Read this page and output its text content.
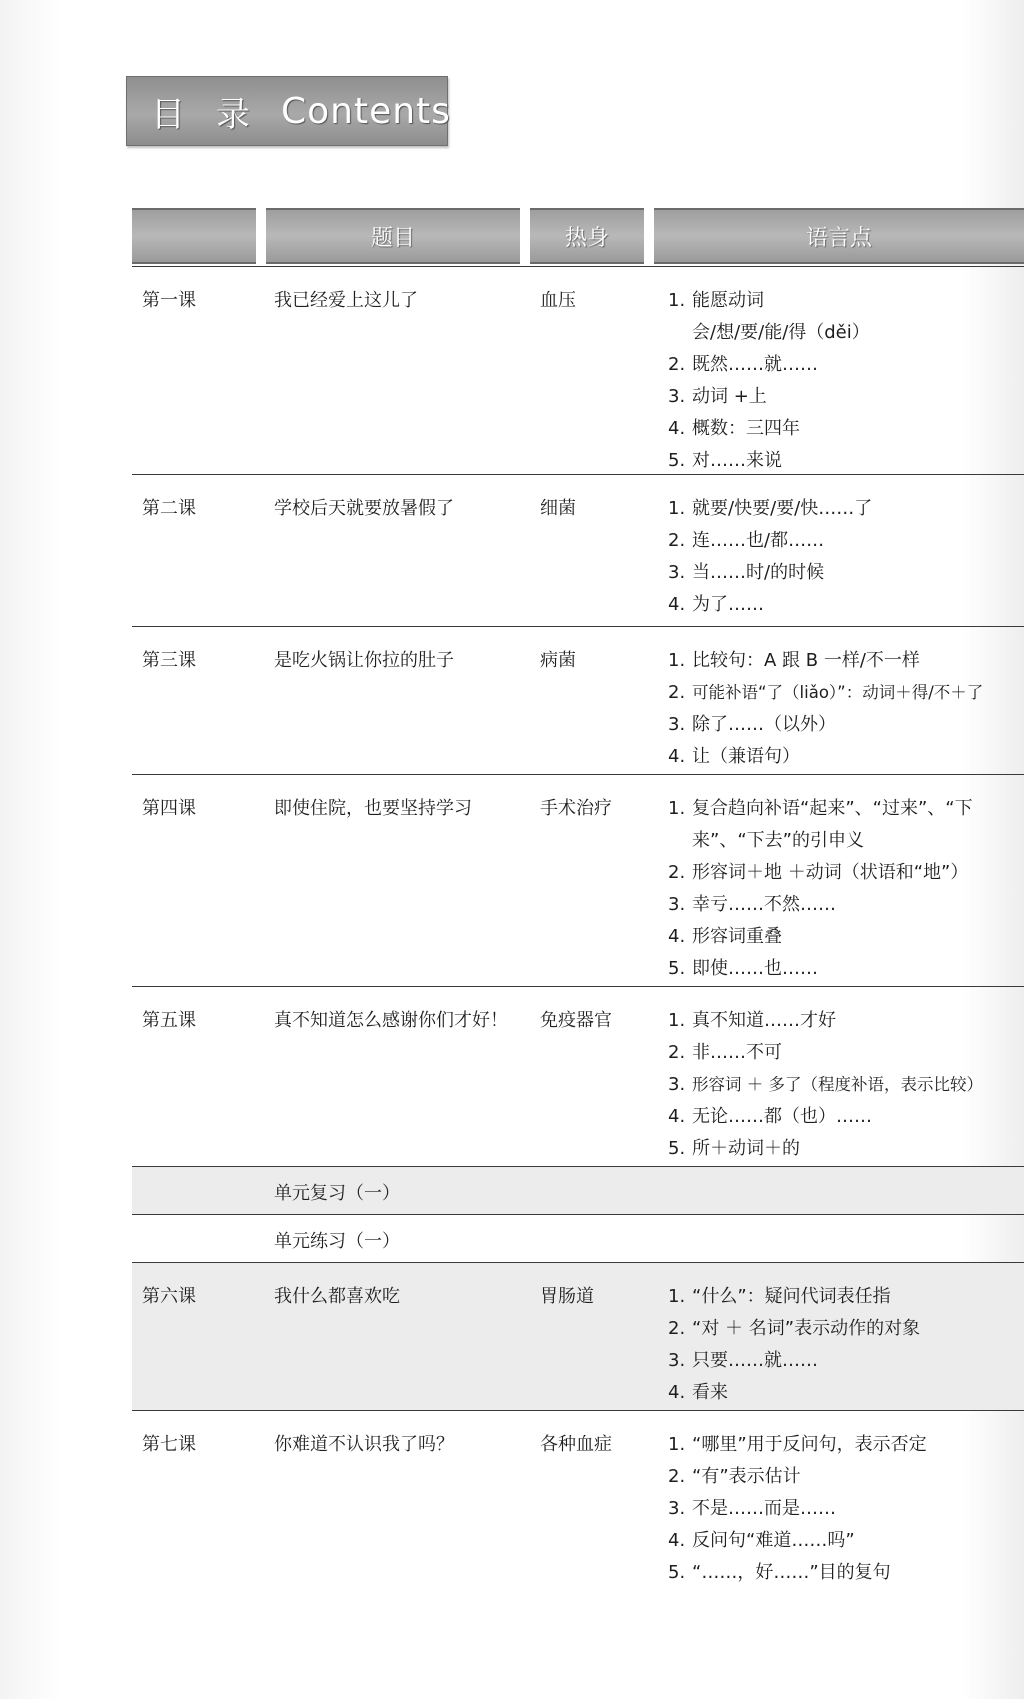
目 录 Contents
题目	热身	语言点
第一课	我已经爱上这儿了	血压	1. 能愿动词
会/想/要/能/得（děi）
2. 既然……就……
3. 动词 +上
4. 概数：三四年
5. 对……来说
第二课	学校后天就要放暑假了	细菌	1. 就要/快要/要/快……了
2. 连……也/都……
3. 当……时/的时候
4. 为了……
第三课	是吃火锅让你拉的肚子	病菌	1. 比较句：A 跟 B 一样/不一样
2. 可能补语“了（liǎo）”：动词＋得/不＋了
3. 除了……（以外）
4. 让（兼语句）
第四课	即使住院，也要坚持学习	手术治疗	1. 复合趋向补语“起来”、“过来”、“下来”、“下去”的引申义
2. 形容词＋地 ＋动词（状语和“地”）
3. 幸亏……不然……
4. 形容词重叠
5. 即使……也……
第五课	真不知道怎么感谢你们才好！	免疫器官	1. 真不知道……才好
2. 非……不可
3. 形容词 ＋ 多了（程度补语，表示比较）
4. 无论……都（也）……
5. 所＋动词＋的
单元复习（一）
单元练习（一）
第六课	我什么都喜欢吃	胃肠道	1. “什么”：疑问代词表任指
2. “对 ＋ 名词”表示动作的对象
3. 只要……就……
4. 看来
第七课	你难道不认识我了吗？	各种血症	1. “哪里”用于反问句，表示否定
2. “有”表示估计
3. 不是……而是……
4. 反问句“难道……吗”
5. “……，好……”目的复句
